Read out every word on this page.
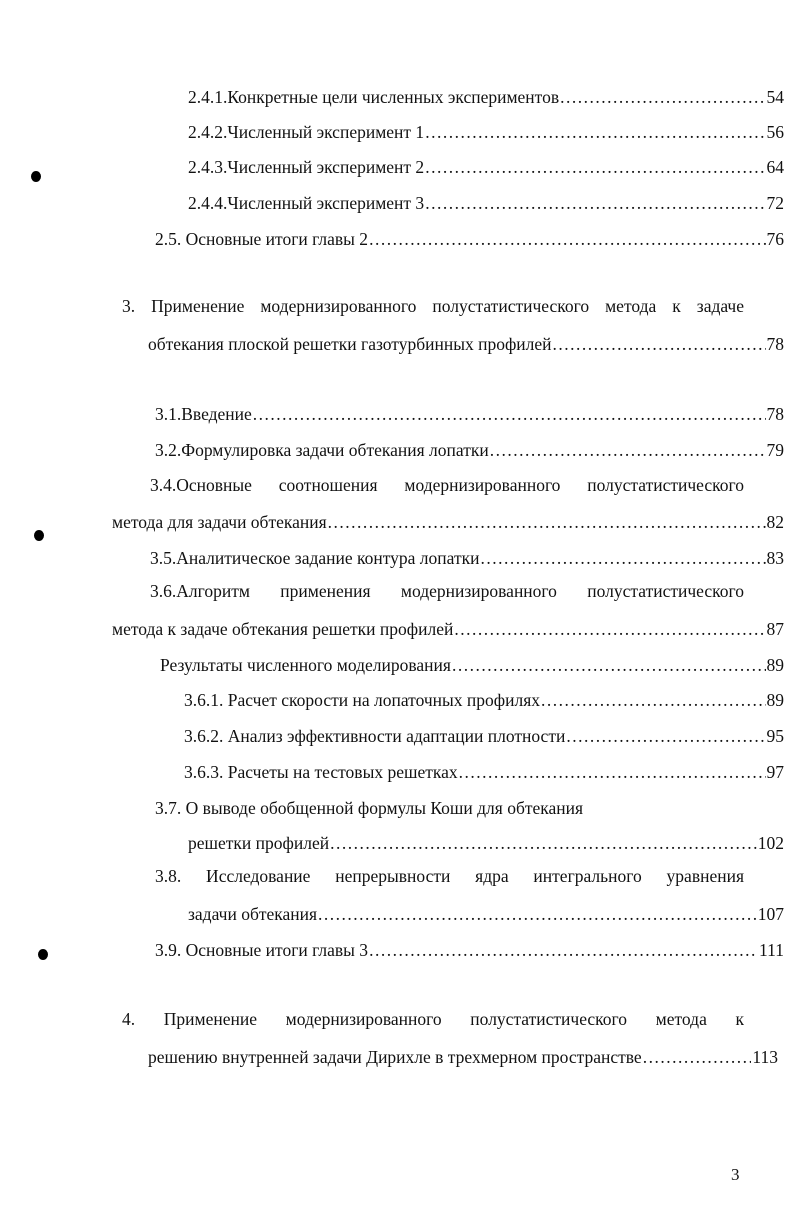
2.4.1.Конкретные цели численных экспериментов .....	54
2.4.2.Численный эксперимент 1 .....	56
2.4.3.Численный эксперимент 2 .....	64
2.4.4.Численный эксперимент 3 .....	72
2.5. Основные итоги главы 2 .....	76
3. Применение модернизированного полустатистического метода к задаче
обтекания плоской решетки газотурбинных профилей .....	78
3.1.Введение .....	78
3.2.Формулировка задачи обтекания лопатки .....	79
3.4.Основные соотношения модернизированного полустатистического
метода для задачи обтекания .....	82
3.5.Аналитическое задание контура лопатки .....	83
3.6.Алгоритм применения модернизированного полустатистического
метода к задаче обтекания решетки профилей .....	87
Результаты численного моделирования .....	89
3.6.1. Расчет скорости на лопаточных профилях .....	89
3.6.2. Анализ эффективности адаптации плотности .....	95
3.6.3. Расчеты на тестовых решетках .....	97
3.7. О выводе обобщенной формулы Коши для обтекания
решетки профилей .....	102
3.8. Исследование непрерывности ядра интегрального уравнения
задачи обтекания .....	107
3.9. Основные итоги главы 3 .....	111
4. Применение модернизированного полустатистического метода к
решению внутренней задачи Дирихле в трехмерном пространстве .....	113
3
